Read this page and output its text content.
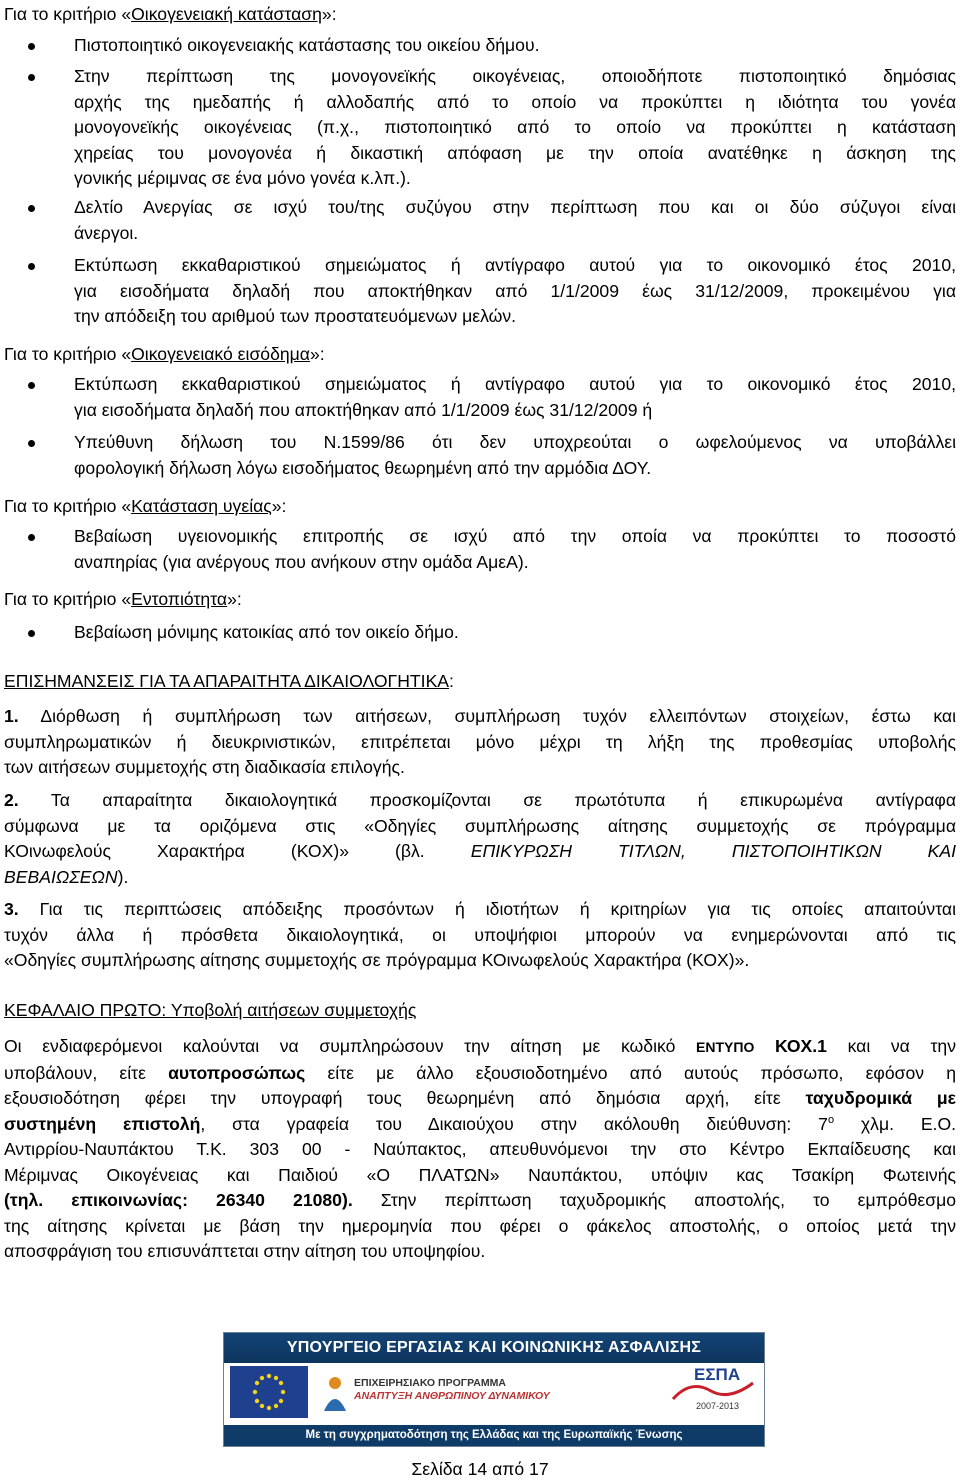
Για το κριτήριο «Οικογενειακή κατάσταση»:
Πιστοποιητικό οικογενειακής κατάστασης του οικείου δήμου.
Στην περίπτωση της μονογονεϊκής οικογένειας, οποιοδήποτε πιστοποιητικό δημόσιας
αρχής της ημεδαπής ή αλλοδαπής από το οποίο να προκύπτει η ιδιότητα του γονέα
μονογονεϊκής οικογένειας (π.χ., πιστοποιητικό από το οποίο να προκύπτει η κατάσταση
χηρείας του μονογονέα ή δικαστική απόφαση με την οποία ανατέθηκε η άσκηση της
γονικής μέριμνας σε ένα μόνο γονέα κ.λπ.).
Δελτίο Ανεργίας σε ισχύ του/της συζύγου στην περίπτωση που και οι δύο σύζυγοι είναι
άνεργοι.
Εκτύπωση εκκαθαριστικού σημειώματος ή αντίγραφο αυτού για το οικονομικό έτος 2010,
για εισοδήματα δηλαδή που αποκτήθηκαν από 1/1/2009 έως 31/12/2009, προκειμένου για
την απόδειξη του αριθμού των προστατευόμενων μελών.
Για το κριτήριο «Οικογενειακό εισόδημα»:
Εκτύπωση εκκαθαριστικού σημειώματος ή αντίγραφο αυτού για το οικονομικό έτος 2010,
για εισοδήματα δηλαδή που αποκτήθηκαν από 1/1/2009 έως 31/12/2009 ή
Υπεύθυνη δήλωση του Ν.1599/86 ότι δεν υποχρεούται ο ωφελούμενος να υποβάλλει
φορολογική δήλωση λόγω εισοδήματος θεωρημένη από την αρμόδια ΔΟΥ.
Για το κριτήριο «Κατάσταση υγείας»:
Βεβαίωση υγειονομικής επιτροπής σε ισχύ από την οποία να προκύπτει το ποσοστό
αναπηρίας (για ανέργους που ανήκουν στην ομάδα ΑμεΑ).
Για το κριτήριο «Εντοπιότητα»:
Βεβαίωση μόνιμης κατοικίας από τον οικείο δήμο.
ΕΠΙΣΗΜΑΝΣΕΙΣ ΓΙΑ ΤΑ ΑΠΑΡΑΙΤΗΤΑ ΔΙΚΑΙΟΛΟΓΗΤΙΚΑ:
1. Διόρθωση ή συμπλήρωση των αιτήσεων, συμπλήρωση τυχόν ελλειπόντων στοιχείων, έστω και
συμπληρωματικών ή διευκρινιστικών, επιτρέπεται μόνο μέχρι τη λήξη της προθεσμίας υποβολής
των αιτήσεων συμμετοχής στη διαδικασία επιλογής.
2. Τα απαραίτητα δικαιολογητικά προσκομίζονται σε πρωτότυπα ή επικυρωμένα αντίγραφα
σύμφωνα με τα οριζόμενα στις «Οδηγίες συμπλήρωσης αίτησης συμμετοχής σε πρόγραμμα
ΚΟινωφελούς Χαρακτήρα (ΚΟΧ)» (βλ.	ΕΠΙΚΥΡΩΣΗ ΤΙΤΛΩΝ, ΠΙΣΤΟΠΟΙΗΤΙΚΩΝ ΚΑΙ
ΒΕΒΑΙΩΣΕΩΝ).
3. Για τις περιπτώσεις απόδειξης προσόντων ή ιδιοτήτων ή κριτηρίων για τις οποίες απαιτούνται
τυχόν άλλα ή πρόσθετα δικαιολογητικά, οι υποψήφιοι μπορούν να ενημερώνονται από τις
«Οδηγίες συμπλήρωσης αίτησης συμμετοχής σε πρόγραμμα ΚΟινωφελούς Χαρακτήρα (ΚΟΧ)».
ΚΕΦΑΛΑΙΟ ΠΡΩΤΟ: Υποβολή αιτήσεων συμμετοχής
Οι ενδιαφερόμενοι καλούνται να συμπληρώσουν την αίτηση με κωδικό ΕΝΤΥΠΟ ΚΟΧ.1 και να την
υποβάλουν, είτε αυτοπροσώπως είτε με άλλο εξουσιοδοτημένο από αυτούς πρόσωπο, εφόσον η
εξουσιοδότηση φέρει την υπογραφή τους θεωρημένη από δημόσια αρχή, είτε ταχυδρομικά με
συστημένη επιστολή, στα γραφεία του Δικαιούχου στην ακόλουθη διεύθυνση: $7^o$ χλμ. Ε.Ο.
Αντιρρίου-Ναυπάκτου Τ.Κ. 303 00 - Ναύπακτος, απευθυνόμενοι την στο Κέντρο Εκπαίδευσης και
Μέριμνας Οικογένειας και Παιδιού «Ο ΠΛΑΤΩΝ» Ναυπάκτου, υπόψιν κας Τσακίρη Φωτεινής
(τηλ. επικοινωνίας: 26340 21080). Στην περίπτωση ταχυδρομικής αποστολής, το εμπρόθεσμο
της αίτησης κρίνεται με βάση την ημερομηνία που φέρει ο φάκελος αποστολής, ο οποίος μετά την
αποσφράγιση του επισυνάπτεται στην αίτηση του υποψηφίου.
ΥΠΟΥΡΓΕΙΟ ΕΡΓΑΣΙΑΣ ΚΑΙ ΚΟΙΝΩΝΙΚΗΣ ΑΣΦΑΛΙΣΗΣ
ΕΠΙΧΕΙΡΗΣΙΑΚΟ ΠΡΟΓΡΑΜΜΑ
ΑΝΑΠΤΥΞΗ ΑΝΘΡΩΠΙΝΟΥ ΔΥΝΑΜΙΚΟΥ
ΕΣΠΑ
2007-2013
Με τη συγχρηματοδότηση της Ελλάδας και της Ευρωπαϊκής Ένωσης
Σελίδα 14 από 17
